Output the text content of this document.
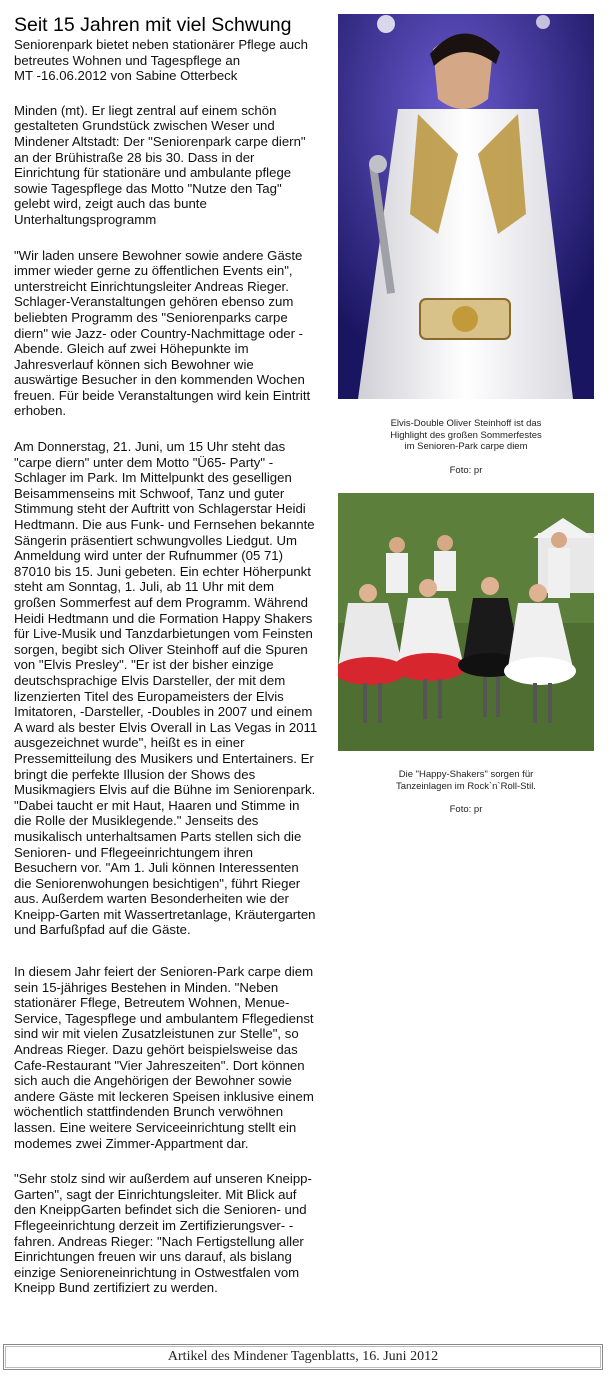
Seit 15 Jahren mit viel Schwung
Seniorenpark bietet neben stationärer Pflege auch betreutes Wohnen und Tagespflege an
MT -16.06.2012 von Sabine Otterbeck

Minden (mt). Er liegt zentral auf einem schön gestalteten Grundstück zwischen Weser und Mindener Altstadt: Der "Seniorenpark carpe diern" an der Brühistraße 28 bis 30. Dass in der Einrichtung für stationäre und ambulante pflege sowie Tagespflege das Motto "Nutze den Tag" gelebt wird, zeigt auch das bunte Unterhaltungsprogramm

"Wir laden unsere Bewohner sowie andere Gäste immer wieder gerne zu öffentlichen Events ein", unterstreicht Einrichtungsleiter Andreas Rieger. Schlager-Veranstaltungen gehören ebenso zum beliebten Programm des "Seniorenparks carpe diern" wie Jazz- oder Country-Nachmittage oder - Abende. Gleich auf zwei Höhepunkte im Jahresverlauf können sich Bewohner wie auswärtige Besucher in den kommenden Wochen freuen. Für beide Veranstaltungen wird kein Eintritt erhoben.

Am Donnerstag, 21. Juni, um 15 Uhr steht das "carpe diern" unter dem Motto "Ü65- Party" - Schlager im Park. Im Mittelpunkt des geselligen Beisammenseins mit Schwoof, Tanz und guter Stimmung steht der Auftritt von Schlagerstar Heidi Hedtmann. Die aus Funk- und Fernsehen bekannte Sängerin präsentiert schwungvolles Liedgut. Um Anmeldung wird unter der Rufnummer (05 71) 87010 bis 15. Juni gebeten. Ein echter Höherpunkt steht am Sonntag, 1. Juli, ab 11 Uhr mit dem großen Sommerfest auf dem Programm. Während Heidi Hedtmann und die Formation Happy Shakers für Live-Musik und Tanzdarbietungen vom Feinsten sorgen, begibt sich Oliver Steinhoff auf die Spuren von "Elvis Presley". "Er ist der bisher einzige deutschsprachige Elvis Darsteller, der mit dem lizenzierten Titel des Europameisters der Elvis Imitatoren, -Darsteller, -Doubles in 2007 und einem A ward als bester Elvis Overall in Las Vegas in 2011 ausgezeichnet wurde", heißt es in einer Pressemitteilung des Musikers und Entertainers. Er bringt die perfekte Illusion der Shows des Musikmagiers Elvis auf die Bühne im Seniorenpark. "Dabei taucht er mit Haut, Haaren und Stimme in die Rolle der Musiklegende." Jenseits des musikalisch unterhaltsamen Parts stellen sich die Senioren- und Fflegeeinrichtungem ihren Besuchern vor. "Am 1. Juli können Interessenten die Seniorenwohungen besichtigen", führt Rieger aus. Außerdem warten Besonderheiten wie der Kneipp-Garten mit Wassertretanlage, Kräutergarten und Barfußpfad auf die Gäste.

In diesem Jahr feiert der Senioren-Park carpe diem sein 15-jähriges Bestehen in Minden. "Neben stationärer Fflege, Betreutem Wohnen, Menue-Service, Tagespflege und ambulantem Fflegedienst sind wir mit vielen Zusatzleistunen zur Stelle", so Andreas Rieger. Dazu gehört beispielsweise das Cafe-Restaurant "Vier Jahreszeiten". Dort können sich auch die Angehörigen der Bewohner sowie andere Gäste mit leckeren Speisen inklusive einem wöchentlich stattfindenden Brunch verwöhnen lassen. Eine weitere Serviceeinrichtung stellt ein modemes zwei Zimmer-Appartment dar.

"Sehr stolz sind wir außerdem auf unseren Kneipp-Garten", sagt der Einrichtungsleiter. Mit Blick auf den KneippGarten befindet sich die Senioren- und Fflegeeinrichtung derzeit im Zertifizierungsver- - fahren. Andreas Rieger: "Nach Fertigstellung aller Einrichtungen freuen wir uns darauf, als bislang einzige Senioreneinrichtung in Ostwestfalen vom Kneipp Bund zertifiziert zu werden.

Elvis-Double Oliver Steinhoff ist das
Highlight des großen Sommerfestes
im Senioren-Park carpe diem
Foto: pr
Die "Happy-Shakers" sorgen für
Tanzeinlagen im Rock`n`Roll-Stil.
Foto: pr
Artikel des Mindener Tagenblatts, 16. Juni 2012
